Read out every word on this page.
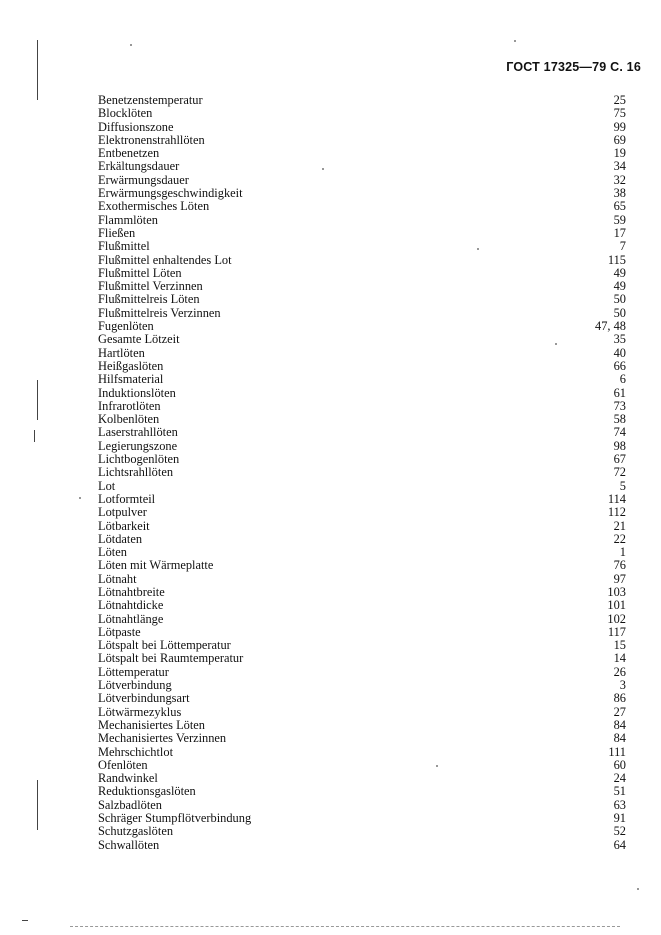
ГОСТ 17325—79 С. 16
Benetzenstemperatur	25
Blocklöten	75
Diffusionszone	99
Elektronenstrahllöten	69
Entbenetzen	19
Erkältungsdauer	34
Erwärmungsdauer	32
Erwärmungsgeschwindigkeit	38
Exothermisches Löten	65
Flammlöten	59
Fließen	17
Flußmittel	7
Flußmittel enhaltendes Lot	115
Flußmittel Löten	49
Flußmittel Verzinnen	49
Flußmittelreis Löten	50
Flußmittelreis Verzinnen	50
Fugenlöten	47, 48
Gesamte Lötzeit	35
Hartlöten	40
Heißgaslöten	66
Hilfsmaterial	6
Induktionslöten	61
Infrarotlöten	73
Kolbenlöten	58
Laserstrahllöten	74
Legierungszone	98
Lichtbogenlöten	67
Lichtsrahllöten	72
Lot	5
Lotformteil	114
Lotpulver	112
Lötbarkeit	21
Lötdaten	22
Löten	1
Löten mit Wärmeplatte	76
Lötnaht	97
Lötnahtbreite	103
Lötnahtdicke	101
Lötnahtlänge	102
Lötpaste	117
Lötspalt bei Löttemperatur	15
Lötspalt bei Raumtemperatur	14
Löttemperatur	26
Lötverbindung	3
Lötverbindungsart	86
Lötwärmezyklus	27
Mechanisiertes Löten	84
Mechanisiertes Verzinnen	84
Mehrschichtlot	111
Ofenlöten	60
Randwinkel	24
Reduktionsgaslöten	51
Salzbadlöten	63
Schräger Stumpflötverbindung	91
Schutzgaslöten	52
Schwallöten	64
